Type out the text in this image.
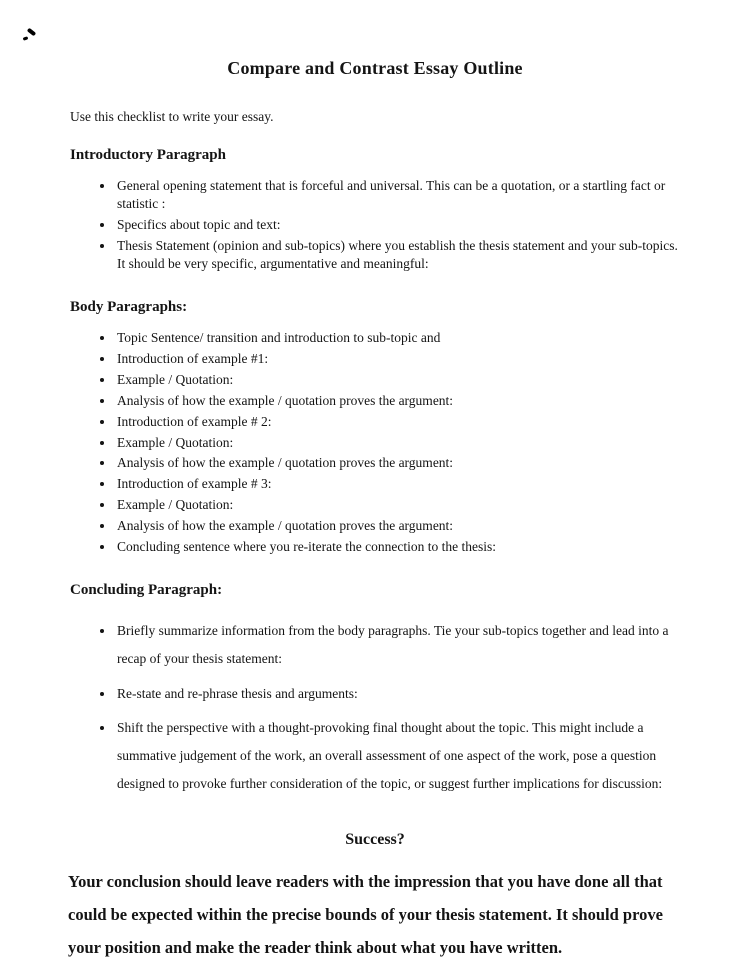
Compare and Contrast Essay Outline

Use this checklist to write your essay.

Introductory Paragraph
• General opening statement that is forceful and universal. This can be a quotation, or a startling fact or statistic :
• Specifics about topic and text:
• Thesis Statement (opinion and sub-topics) where you establish the thesis statement and your sub-topics. It should be very specific, argumentative and meaningful:
Body Paragraphs:
• Topic Sentence/ transition and introduction to sub-topic and
• Introduction of example #1:
• Example / Quotation:
• Analysis of how the example / quotation proves the argument:
• Introduction of example # 2:
• Example / Quotation:
• Analysis of how the example / quotation proves the argument:
• Introduction of example # 3:
• Example / Quotation:
• Analysis of how the example / quotation proves the argument:
• Concluding sentence where you re-iterate the connection to the thesis:
Concluding Paragraph:
• Briefly summarize information from the body paragraphs. Tie your sub-topics together and lead into a recap of your thesis statement:
• Re-state and re-phrase thesis and arguments:
• Shift the perspective with a thought-provoking final thought about the topic. This might include a summative judgement of the work, an overall assessment of one aspect of the work, pose a question designed to provoke further consideration of the topic, or suggest further implications for discussion:
Success?

Your conclusion should leave readers with the impression that you have done all that could be expected within the precise bounds of your thesis statement. It should prove your position and make the reader think about what you have written.
